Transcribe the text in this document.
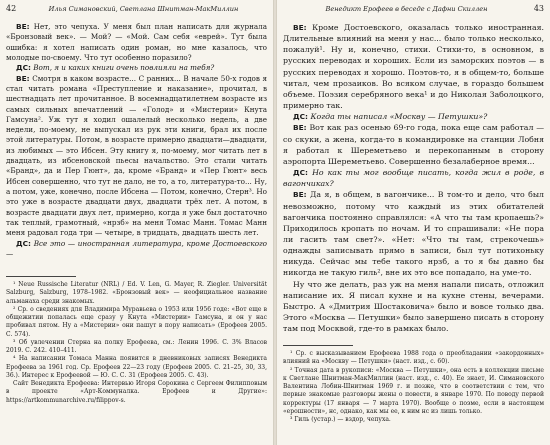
42	Илья Симановский, Светлана Шнитман-МакМиллин

ВЕ: Нет, это чепуха. У меня был план написать для журнала «Бронзовый век». — Мой? — «Мой. Сам себя «еврей». Тут была ошибка: я хотел написать один роман, но мне казалось, что молодые по-своему. Что тут особенно поразило?

ДС: Вот, я и каких книги очень повлияли на тебя?

ВЕ: Смотря в каком возрасте... С ранних... В начале 50-х годов я стал читать романа «Преступление и наказание», прочитал, в шестнадцать лет прочитанное. В восемнадцатилетнем возрасте из самых сильных впечатлений — «Голод» и «Мистерии» Кнута Гамсуна². Уж тут я ходил ошалелый несколько недель, а две недели, по-моему, не выпускал из рук эти книги, брал их после этой литературы. Потом, в возрасте примерно двадцати—двадцати, из любимых — это Ибсен. Эту книгу я, по-моему, мог читать лет в двадцать, из ибсеновской пьесы начальство. Это стали читать «Бранд», да и Пер Гюнт», да, кроме «Бранд» и «Пер Гюнт» весь Ибсен совершенно, что тут не дало, не то, а то, литература-то... Ну, а потом, уже, конечно, после Ибсена — Потом, конечно, Стерн³. Но это уже в возрасте двадцати двух, двадцати трёх лет. А потом, в возрасте двадцати двух лет, примерно, когда я уже был достаточно так теплый, грамотный, «нрзб» на меня Томас Манн. Томас Манн меня радовал года три — четыре, в тридцать, двадцать шесть лет.

ДС: Все это — иностранная литература, кроме Достоевского —

¹ Neue Russische Literatur (NRL) / Ed. V. Len, G. Mayer, R. Ziegler. Universität Salzburg, Salzburg, 1978–1982. «Бронзовый век» — неофициальное название альманаха среди знакомых.

² Ср. о сведениях для Владимира Муравьева о 1953 или 1956 годе: «Вот еще в общежитии попалась еще сразу у Кнута «Мистерии» Гамсуна, и он у нас пробивал пятом. Ну а «Мистерии» они пашут в пору написать» (Ерофеев 2005. С. 574).

³ Об увлечении Стерна на полку Ерофеева, см.: Ленин 1996. С. 3% Власов 2019. С. 242. 410–411.

⁴ На написании Томаса Манна появится в дневниковых записях Венедикта Ерофеева за 1961 год. Ср. Ерофеев 22—23 году (Ерофеев 2005. С. 21–25, 30, 33, 36.). Интерес к Ерофеевой — Ю. С. С. 31 (Ерофеев 2005. С. 43).

Сайт Венедикта Ерофеева: Интервью Игоря Сорокина с Сергеем Филипповым в проекте «Арт-Коммуналка. Ерофеев и Другие»: https://artkommunarchive.ru/filippov-s.

Венедикт Ерофеев в беседе с Дафни Скиллен	43

ВЕ: Кроме Достоевского, оказалась только иностранная. Длительные влияний на меня у нас... было только несколько, пожалуй¹. Ну и, конечно, стихи. Стихи-то, в основном, в русских переводах и хороших. Если из заморских поэтов — в русских переводах я хорошо. Поэтов-то, я в общем-то, больше читал, чем прозаиков. Во всяком случае, в гораздо большем объеме. Поэзия серебряного века¹ и до Николая Заболоцкого, примерно так.

ДС: Когда ты написал «Москву — Петушки»?

ВЕ: Вот как раз осенью 69-го года, пока еще сам работал — со скуки, а жена, когда-то в командировке на станции Лобня я работал к Шереметьево и перекопанным в сторону аэропорта Шереметьево. Совершенно безалаберное время...

ДС: Но как ты мог вообще писать, когда жил в роде, в вагончиках?

ВЕ: Да я, в общем, в вагончике... В том-то и дело, что был невозможно, потому что каждый из этих обитателей вагончика постоянно справлялся: «А что ты там кропаешь?» Приходилось кропать по ночам. И то спрашивали: «Не пора ли гасить там свет?». «Нет: «Что ты там, стрекочешь» однажды записывать прямо в записи, был тут потихоньку никуда. Сейчас мы тебе такого нрзб, а то я бы давно бы никогда не такую гиль², вне их это все попадало, на уме-то.

Ну что же делать, раз уж на меня напали писать, отложил написание их. Я писал кухне и на кухне стены, вечерами. Быстро. А «Дмитрия Шостаковича» было и вовсе только два. Этого «Москва — Петушки» было завершено писать в сторону там под Москвой, где-то в рамках было.

¹ Ср. с высказыванием Ерофеева 1988 года о преобладании «закордонных» влияний на «Москву — Петушки» (наст. изд., с. 60).

² Точная дата в рукописи: «Москва — Петушки», она есть в коллекции письме к Светлане Шнитман-МакМиллин (наст. изд., с. 40). Ее знает, И. Симановского Валентина Лобин-Шнитман 1969 г. и позже, что в соответствии с тем, что первые знакомые разговоры жены о повести, в январе 1970. По поводу первой корректуры (17 января — 7 марта 1970). Вообще о поэме, если в настоящем «ерошности», нс, однако, как мы ее, к ним нс из лишь только.

³ Гиль (устар.) — вздор, чепуха.
